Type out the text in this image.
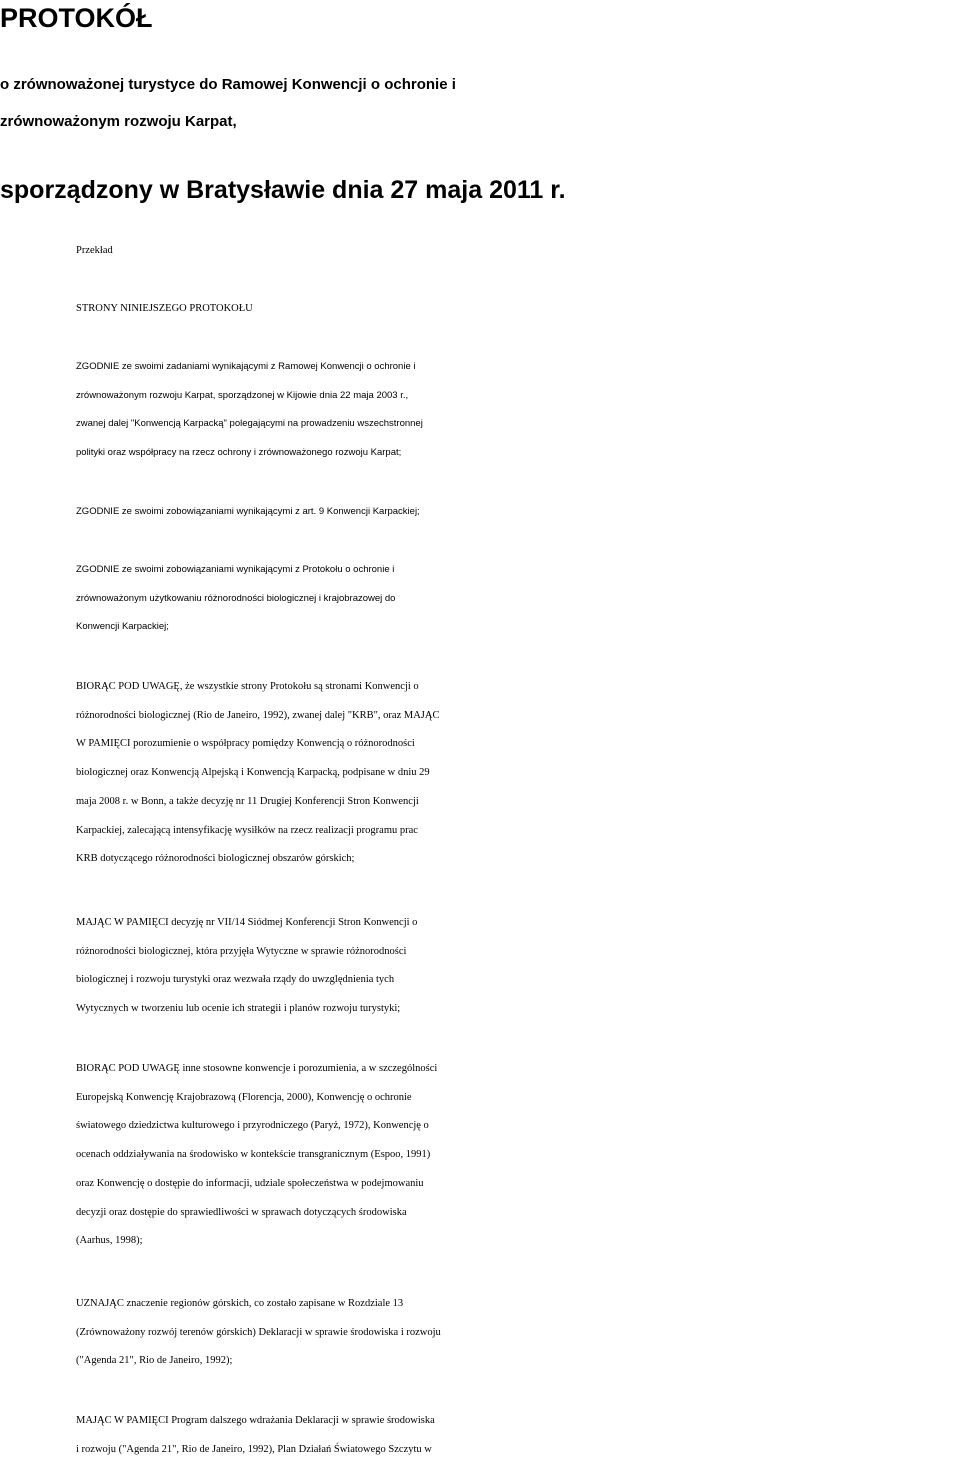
PROTOKÓŁ
o zrównoważonej turystyce do Ramowej Konwencji o ochronie i
zrównoważonym rozwoju Karpat,
sporządzony w Bratysławie dnia 27 maja 2011 r.

Przekład

STRONY NINIEJSZEGO PROTOKOŁU

ZGODNIE ze swoimi zadaniami wynikającymi z Ramowej Konwencji o ochronie i
zrównoważonym rozwoju Karpat, sporządzonej w Kijowie dnia 22 maja 2003 r.,
zwanej dalej "Konwencją Karpacką" polegającymi na prowadzeniu wszechstronnej
polityki oraz współpracy na rzecz ochrony i zrównoważonego rozwoju Karpat;

ZGODNIE ze swoimi zobowiązaniami wynikającymi z art. 9 Konwencji Karpackiej;

ZGODNIE ze swoimi zobowiązaniami wynikającymi z Protokołu o ochronie i
zrównoważonym użytkowaniu różnorodności biologicznej i krajobrazowej do
Konwencji Karpackiej;

BIORĄC POD UWAGĘ, że wszystkie strony Protokołu są stronami Konwencji o
różnorodności biologicznej (Rio de Janeiro, 1992), zwanej dalej "KRB", oraz MAJĄC
W PAMIĘCI porozumienie o współpracy pomiędzy Konwencją o różnorodności
biologicznej oraz Konwencją Alpejską i Konwencją Karpacką, podpisane w dniu 29
maja 2008 r. w Bonn, a także decyzję nr 11 Drugiej Konferencji Stron Konwencji
Karpackiej, zalecającą intensyfikację wysiłków na rzecz realizacji programu prac
KRB dotyczącego różnorodności biologicznej obszarów górskich;

MAJĄC W PAMIĘCI decyzję nr VII/14 Siódmej Konferencji Stron Konwencji o
różnorodności biologicznej, która przyjęła Wytyczne w sprawie różnorodności
biologicznej i rozwoju turystyki oraz wezwała rządy do uwzględnienia tych
Wytycznych w tworzeniu lub ocenie ich strategii i planów rozwoju turystyki;

BIORĄC POD UWAGĘ inne stosowne konwencje i porozumienia, a w szczególności
Europejską Konwencję Krajobrazową (Florencja, 2000), Konwencję o ochronie
światowego dziedzictwa kulturowego i przyrodniczego (Paryż, 1972), Konwencję o
ocenach oddziaływania na środowisko w kontekście transgranicznym (Espoo, 1991)
oraz Konwencję o dostępie do informacji, udziale społeczeństwa w podejmowaniu
decyzji oraz dostępie do sprawiedliwości w sprawach dotyczących środowiska
(Aarhus, 1998);

UZNAJĄC znaczenie regionów górskich, co zostało zapisane w Rozdziale 13
(Zrównoważony rozwój terenów górskich) Deklaracji w sprawie środowiska i rozwoju
("Agenda 21", Rio de Janeiro, 1992);

MAJĄC W PAMIĘCI Program dalszego wdrażania Deklaracji w sprawie środowiska
i rozwoju ("Agenda 21", Rio de Janeiro, 1992), Plan Działań Światowego Szczytu w
